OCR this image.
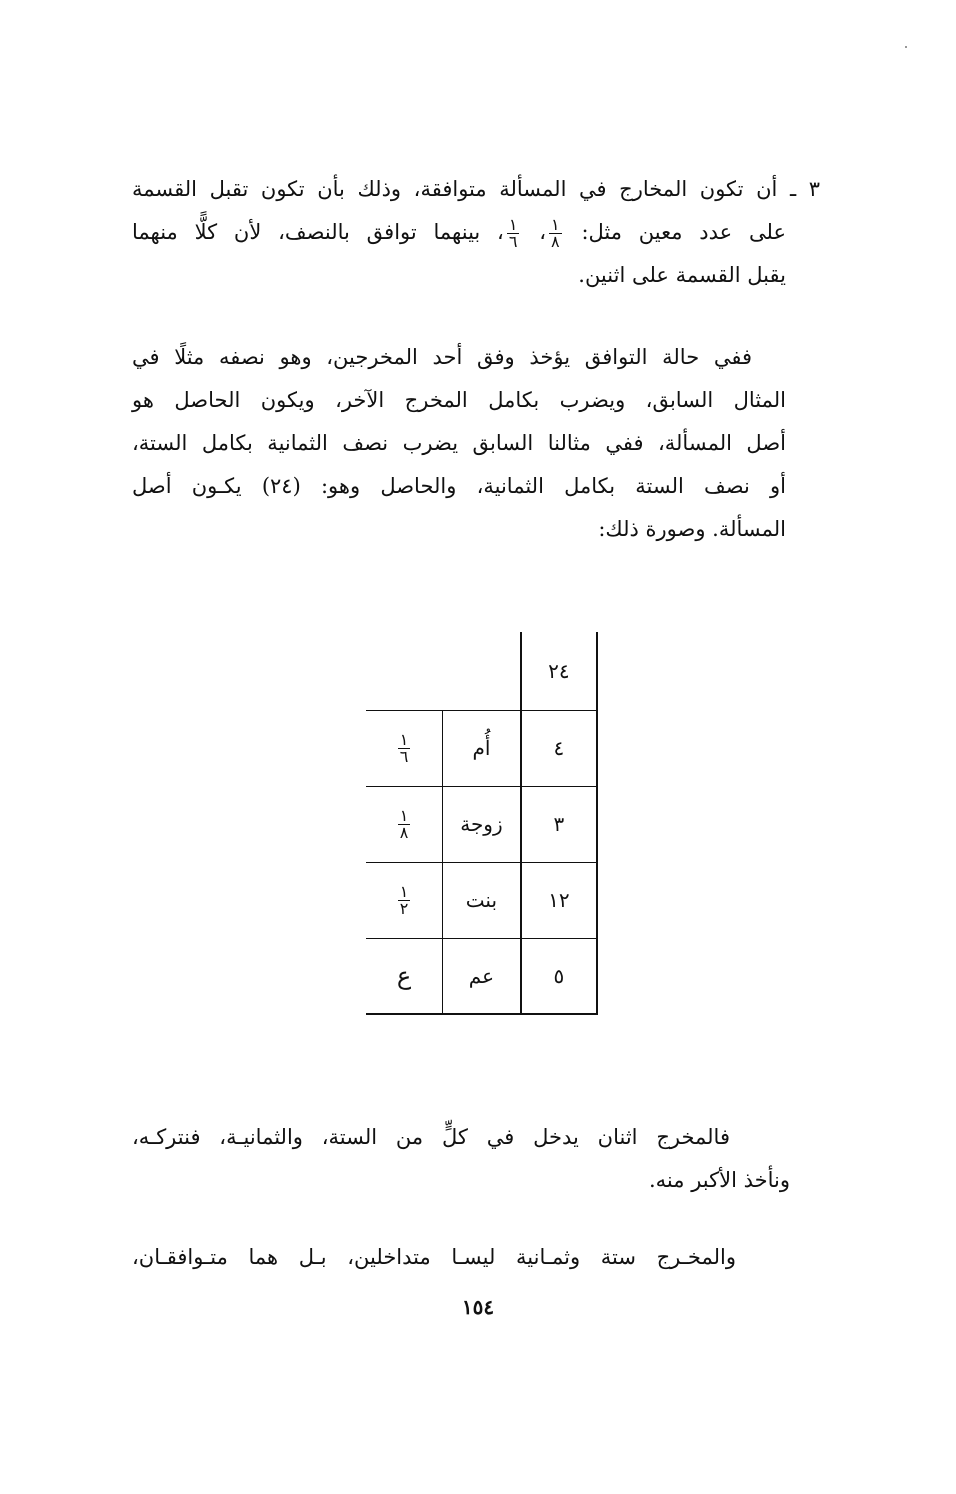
٣ ـ أن تكون المخارج في المسألة متوافقة، وذلك بأن تكون تقبل القسمة
على عدد معين مثل:
$\frac{١}{٨}$
،
$\frac{١}{٦}$
، بينهما توافق بالنصف، لأن كلًّا منهما
يقبل القسمة على اثنين.
ففي حالة التوافق يؤخذ وفق أحد المخرجين، وهو نصفه مثلًا في
المثال السابق، ويضرب بكامل المخرج الآخر، ويكون الحاصل هو
أصل المسألة، ففي مثالنا السابق يضرب نصف الثمانية بكامل الستة،
أو نصف الستة بكامل الثمانية، والحاصل وهو: (٢٤) يكـون أصل
المسألة. وصورة ذلك:
٢٤		
٤	أُم	$\frac{١}{٦}$

٣	زوجة	$\frac{١}{٨}$

١٢	بنت	$\frac{١}{٢}$

٥	عم	ع
فالمخرج اثنان يدخل في كلٍّ من الستة، والثمانيـة، فنتركـه،
ونأخذ الأكبر منه.
والمخـرج ستة وثمـانية ليسـا متداخلين، بـل هما متـوافقـان،
١٥٤
